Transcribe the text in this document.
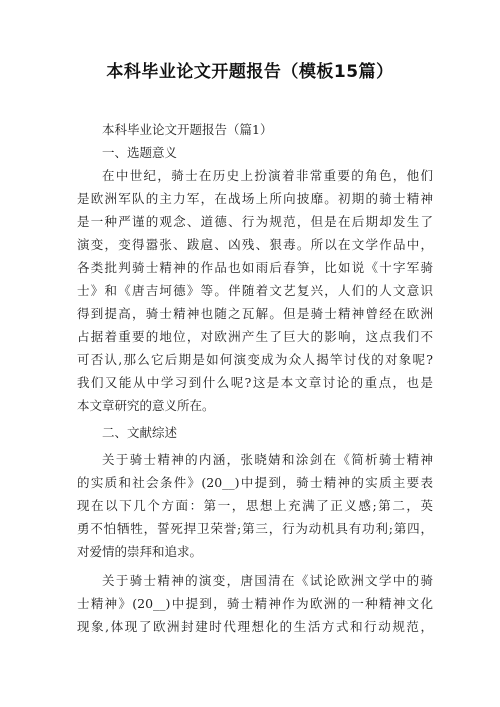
本科毕业论文开题报告（模板15篇）
本科毕业论文开题报告（篇1）
一、选题意义
在中世纪，骑士在历史上扮演着非常重要的角色，他们
是欧洲军队的主力军，在战场上所向披靡。初期的骑士精神
是一种严谨的观念、道德、行为规范，但是在后期却发生了
演变，变得嚣张、跋扈、凶残、狠毒。所以在文学作品中，
各类批判骑士精神的作品也如雨后春笋，比如说《十字军骑
士》和《唐吉坷德》等。伴随着文艺复兴，人们的人文意识
得到提高，骑士精神也随之瓦解。但是骑士精神曾经在欧洲
占据着重要的地位，对欧洲产生了巨大的影响，这点我们不
可否认,那么它后期是如何演变成为众人揭竿讨伐的对象呢?
我们又能从中学习到什么呢?这是本文章讨论的重点，也是
本文章研究的意义所在。
二、文献综述
关于骑士精神的内涵，张晓婧和涂剑在《简析骑士精神
的实质和社会条件》(20__)中提到，骑士精神的实质主要表
现在以下几个方面：第一，思想上充满了正义感;第二，英
勇不怕牺牲，誓死捍卫荣誉;第三，行为动机具有功利;第四，
对爱情的崇拜和追求。
关于骑士精神的演变，唐国清在《试论欧洲文学中的骑
士精神》(20__)中提到，骑士精神作为欧洲的一种精神文化
现象,体现了欧洲封建时代理想化的生活方式和行动规范，
